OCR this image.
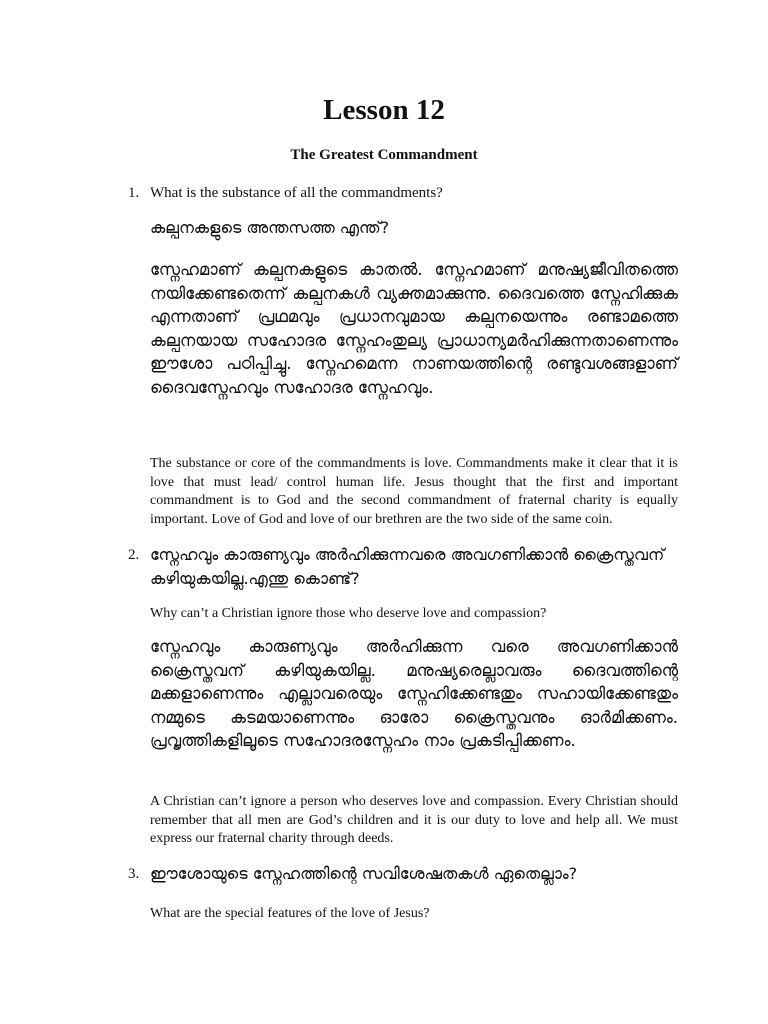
Lesson 12
The Greatest Commandment
1. What is the substance of all the commandments?
കല്പനകളുടെ അന്തസത്ത എന്ത്?
സ്നേഹമാണ് കല്പനകളുടെ കാതൽ. സ്നേഹമാണ് മനുഷ്യജീവിതത്തെ നയിക്കേണ്ടതെന്ന് കല്പനകൾ വ്യക്തമാക്കുന്നു. ദൈവത്തെ സ്നേഹിക്കുക എന്നതാണ് പ്രഥമവും പ്രധാനവുമായ കല്പനയെന്നും രണ്ടാമത്തെ കല്പനയായ സഹോദര സ്നേഹംതുല്യ പ്രാധാന്യമർഹിക്കുന്നതാണെന്നും ഈശോ പഠിപ്പിച്ചു. സ്നേഹമെന്ന നാണയത്തിന്റെ രണ്ടുവശങ്ങളാണ് ദൈവസ്നേഹവും സഹോദര സ്നേഹവും.
The substance or core of the commandments is love. Commandments make it clear that it is love that must lead/ control human life. Jesus thought that the first and important commandment is to God and the second commandment of fraternal charity is equally important. Love of God and love of our brethren are the two side of the same coin.
2. സ്നേഹവും കാരുണ്യവും അർഹിക്കുന്നവരെ അവഗണിക്കാൻ ക്രൈസ്തവന് കഴിയുകയില്ല.എന്തു കൊണ്ട്?
Why can’t a Christian ignore those who deserve love and compassion?
സ്നേഹവും കാരുണ്യവും അർഹിക്കുന്ന വരെ അവഗണിക്കാൻ ക്രൈസ്തവന് കഴിയുകയില്ല. മനുഷ്യരെല്ലാവരും ദൈവത്തിന്റെ മക്കളാണെന്നും എല്ലാവരെയും സ്നേഹിക്കേണ്ടതും സഹായിക്കേണ്ടതും നമ്മുടെ കടമയാണെന്നും ഓരോ ക്രൈസ്തവനും ഓർമിക്കണം. പ്രവൃത്തികളിലൂടെ സഹോദരസ്നേഹം നാം പ്രകടിപ്പിക്കണം.
A Christian can’t ignore a person who deserves love and compassion. Every Christian should remember that all men are God’s children and it is our duty to love and help all. We must express our fraternal charity through deeds.
3. ഈശോയുടെ സ്നേഹത്തിന്റെ സവിശേഷതകൾ ഏതെല്ലാം?
What are the special features of the love of Jesus?
